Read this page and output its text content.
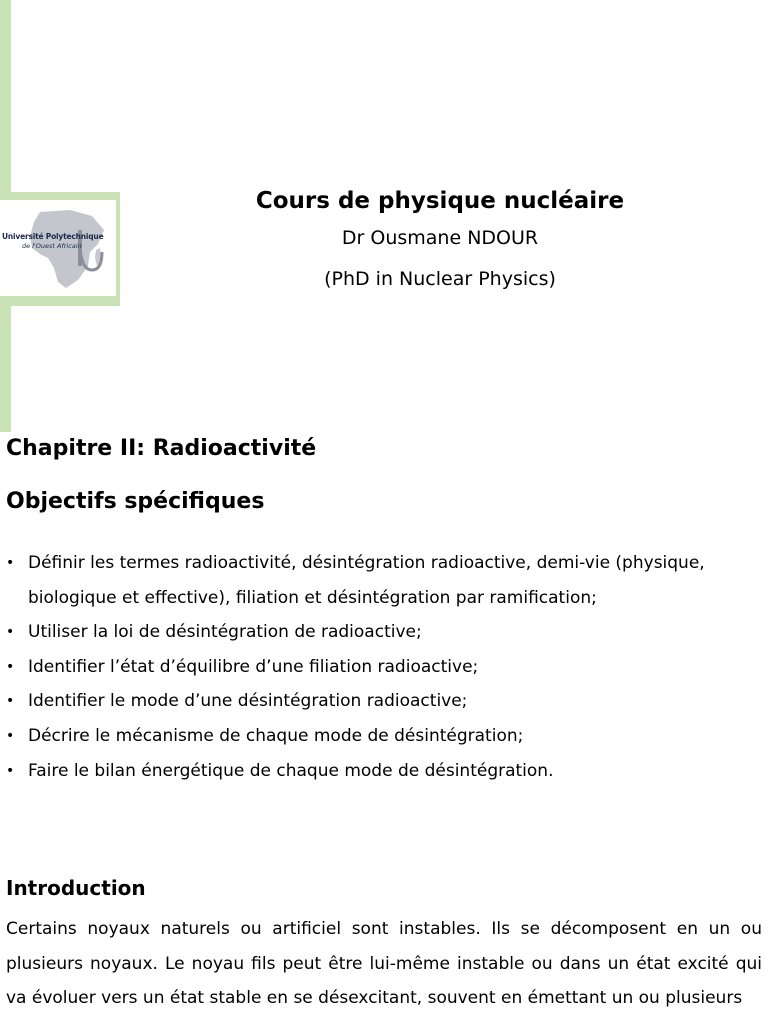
Université Polytechnique
de l'Ouest Africain
Cours de physique nucléaire

Dr Ousmane NDOUR

(PhD in Nuclear Physics)

Chapitre II: Radioactivité
Objectifs spécifiques
• Définir les termes radioactivité, désintégration radioactive, demi-vie (physique, biologique et effective), filiation et désintégration par ramification;
• Utiliser la loi de désintégration de radioactive;
• Identifier l’état d’équilibre d’une filiation radioactive;
• Identifier le mode d’une désintégration radioactive;
• Décrire le mécanisme de chaque mode de désintégration;
• Faire le bilan énergétique de chaque mode de désintégration.
Introduction

Certains noyaux naturels ou artificiel sont instables. Ils se décomposent en un ou plusieurs noyaux. Le noyau fils peut être lui-même instable ou dans un état excité qui va évoluer vers un état stable en se désexcitant, souvent en émettant un ou plusieurs
